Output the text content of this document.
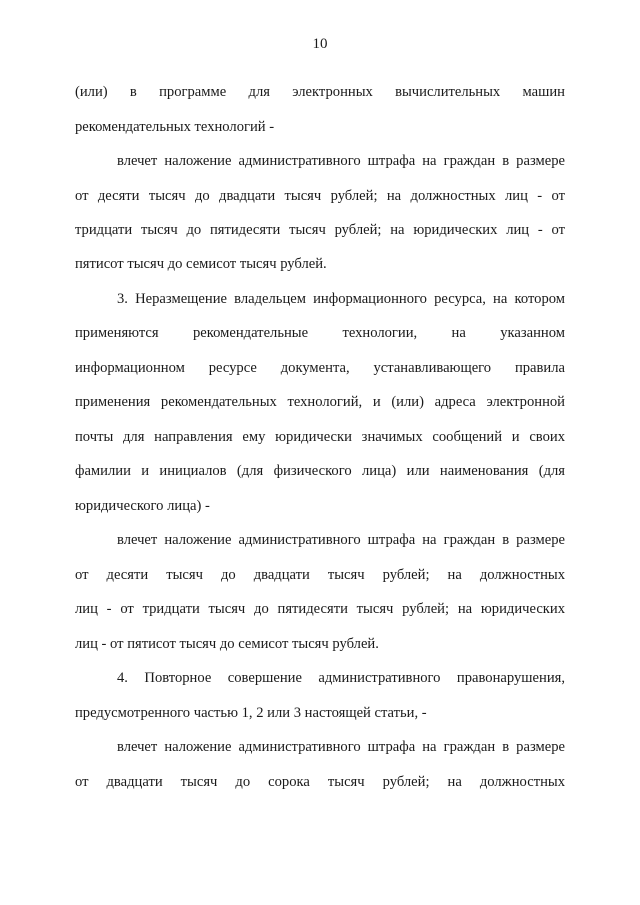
10
(или) в программе для электронных вычислительных машин
рекомендательных технологий -
влечет наложение административного штрафа на граждан в размере
от десяти тысяч до двадцати тысяч рублей; на должностных лиц - от
тридцати тысяч до пятидесяти тысяч рублей; на юридических лиц - от
пятисот тысяч до семисот тысяч рублей.
3. Неразмещение владельцем информационного ресурса, на котором
применяются рекомендательные технологии, на указанном
информационном ресурсе документа, устанавливающего правила
применения рекомендательных технологий, и (или) адреса электронной
почты для направления ему юридически значимых сообщений и своих
фамилии и инициалов (для физического лица) или наименования (для
юридического лица) -
влечет наложение административного штрафа на граждан в размере
от десяти тысяч до двадцати тысяч рублей; на должностных
лиц - от тридцати тысяч до пятидесяти тысяч рублей; на юридических
лиц - от пятисот тысяч до семисот тысяч рублей.
4. Повторное совершение административного правонарушения,
предусмотренного частью 1, 2 или 3 настоящей статьи, -
влечет наложение административного штрафа на граждан в размере
от двадцати тысяч до сорока тысяч рублей; на должностных
